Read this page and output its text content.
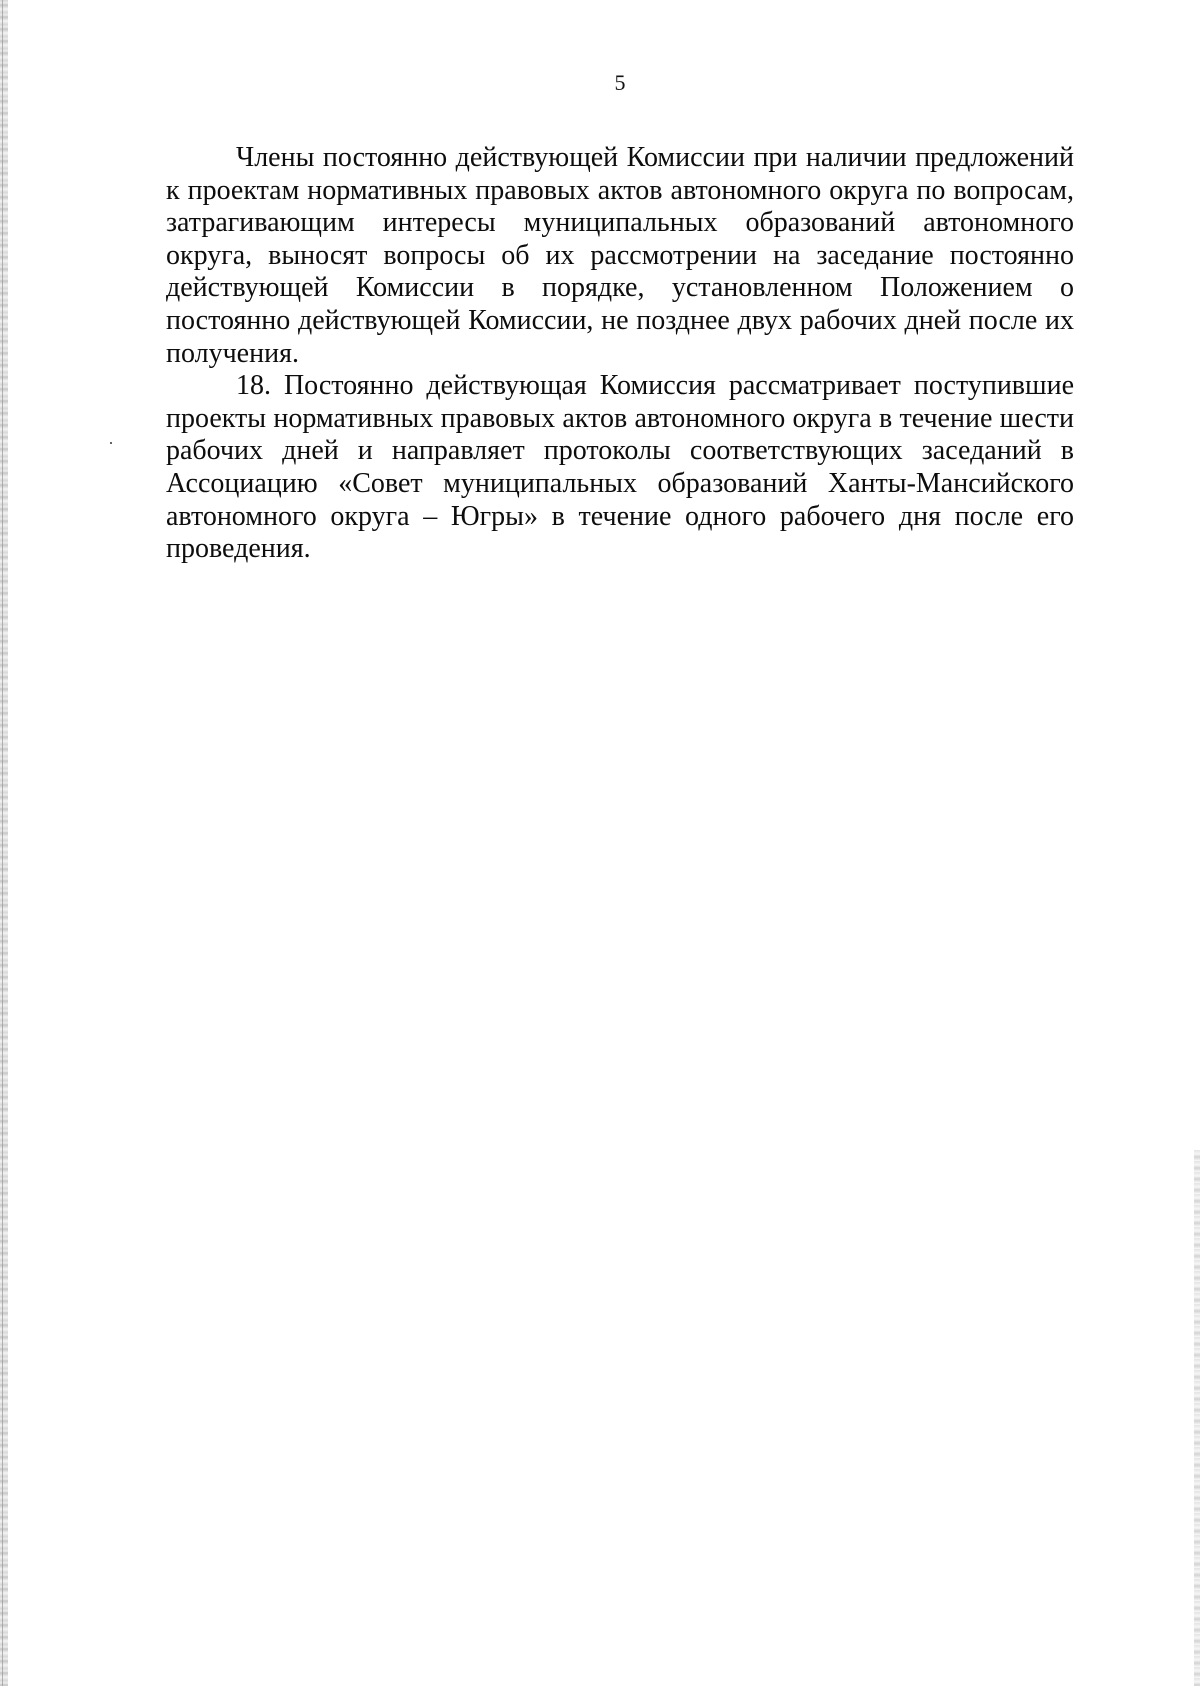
5

Члены постоянно действующей Комиссии при наличии предложений к проектам нормативных правовых актов автономного округа по вопросам, затрагивающим интересы муниципальных образований автономного округа, выносят вопросы об их рассмотрении на заседание постоянно действующей Комиссии в порядке, установленном Положением о постоянно действующей Комиссии, не позднее двух рабочих дней после их получения.

18. Постоянно действующая Комиссия рассматривает поступившие проекты нормативных правовых актов автономного округа в течение шести рабочих дней и направляет протоколы соответствующих заседаний в Ассоциацию «Совет муниципальных образований Ханты-Мансийского автономного округа – Югры» в течение одного рабочего дня после его проведения.
